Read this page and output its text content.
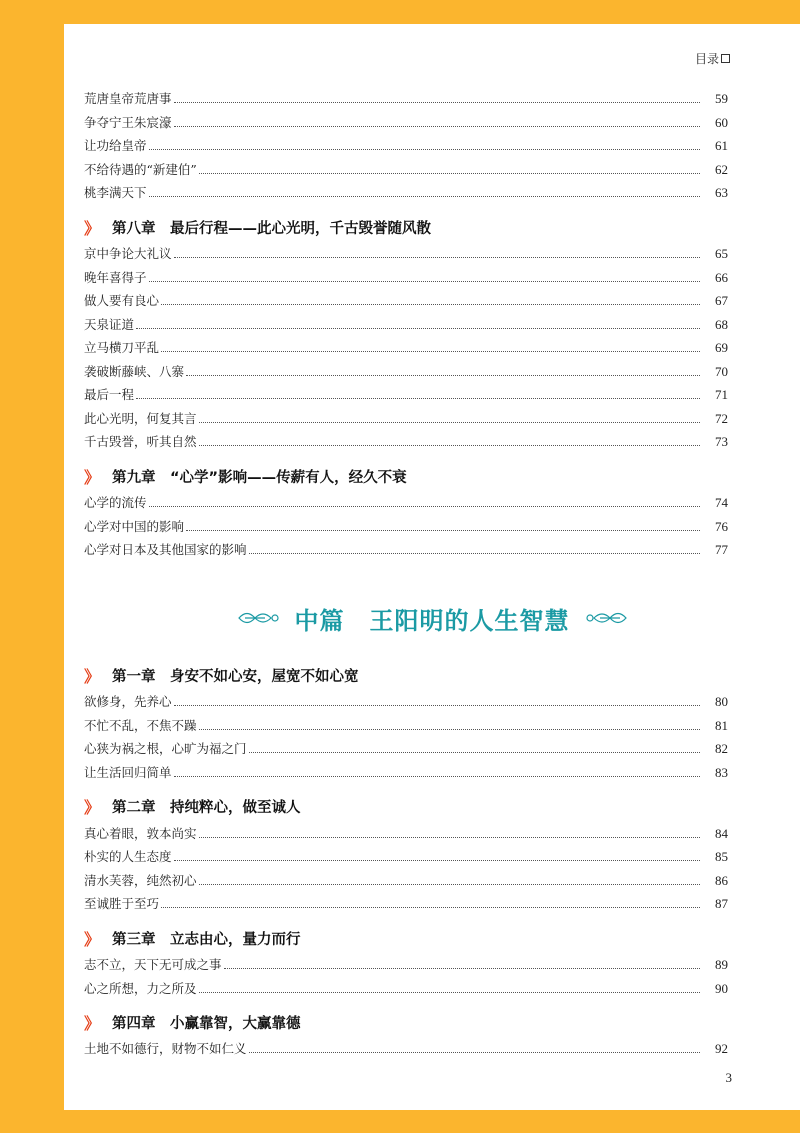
目录
荒唐皇帝荒唐事	59
争夺宁王朱宸濠	60
让功给皇帝	61
不给待遇的“新建伯”	62
桃李满天下	63
》 第八章　最后行程——此心光明，千古毁誉随风散
京中争论大礼议	65
晚年喜得子	66
做人要有良心	67
天泉证道	68
立马横刀平乱	69
袭破断藤峡、八寨	70
最后一程	71
此心光明，何复其言	72
千古毁誉，听其自然	73
》 第九章　“心学”影响——传薪有人，经久不衰
心学的流传	74
心学对中国的影响	76
心学对日本及其他国家的影响	77
中篇　王阳明的人生智慧
》 第一章　身安不如心安，屋宽不如心宽
欲修身，先养心	80
不忙不乱，不焦不躁	81
心狭为祸之根，心旷为福之门	82
让生活回归简单	83
》 第二章　持纯粹心，做至诚人
真心着眼，敦本尚实	84
朴实的人生态度	85
清水芙蓉，纯然初心	86
至诚胜于至巧	87
》 第三章　立志由心，量力而行
志不立，天下无可成之事	89
心之所想，力之所及	90
》 第四章　小赢靠智，大赢靠德
土地不如德行，财物不如仁义	92
3
